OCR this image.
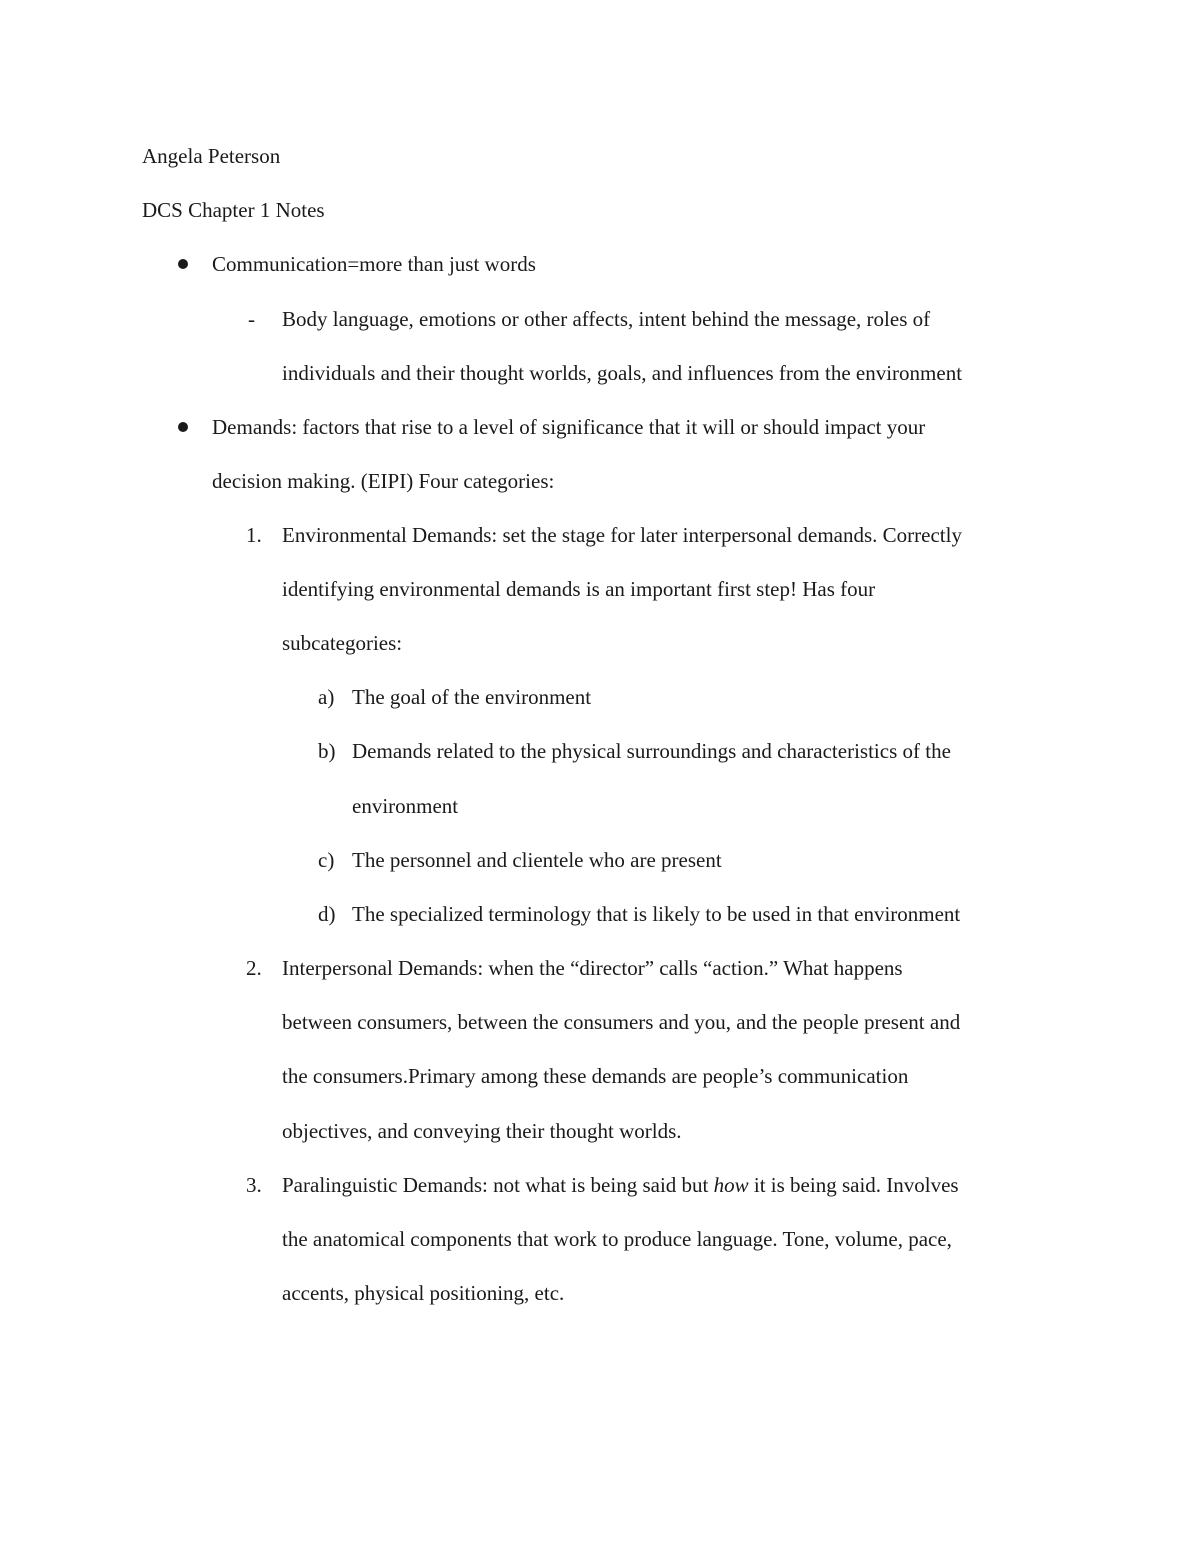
Angela Peterson
DCS Chapter 1 Notes
Communication=more than just words
- Body language, emotions or other affects, intent behind the message, roles of
individuals and their thought worlds, goals, and influences from the environment
Demands: factors that rise to a level of significance that it will or should impact your
decision making. (EIPI) Four categories:
1. Environmental Demands: set the stage for later interpersonal demands. Correctly
identifying environmental demands is an important first step! Has four
subcategories:
a) The goal of the environment
b) Demands related to the physical surroundings and characteristics of the
environment
c) The personnel and clientele who are present
d) The specialized terminology that is likely to be used in that environment
2. Interpersonal Demands: when the “director” calls “action.” What happens
between consumers, between the consumers and you, and the people present and
the consumers.Primary among these demands are people’s communication
objectives, and conveying their thought worlds.
3. Paralinguistic Demands: not what is being said but how it is being said. Involves
the anatomical components that work to produce language. Tone, volume, pace,
accents, physical positioning, etc.
